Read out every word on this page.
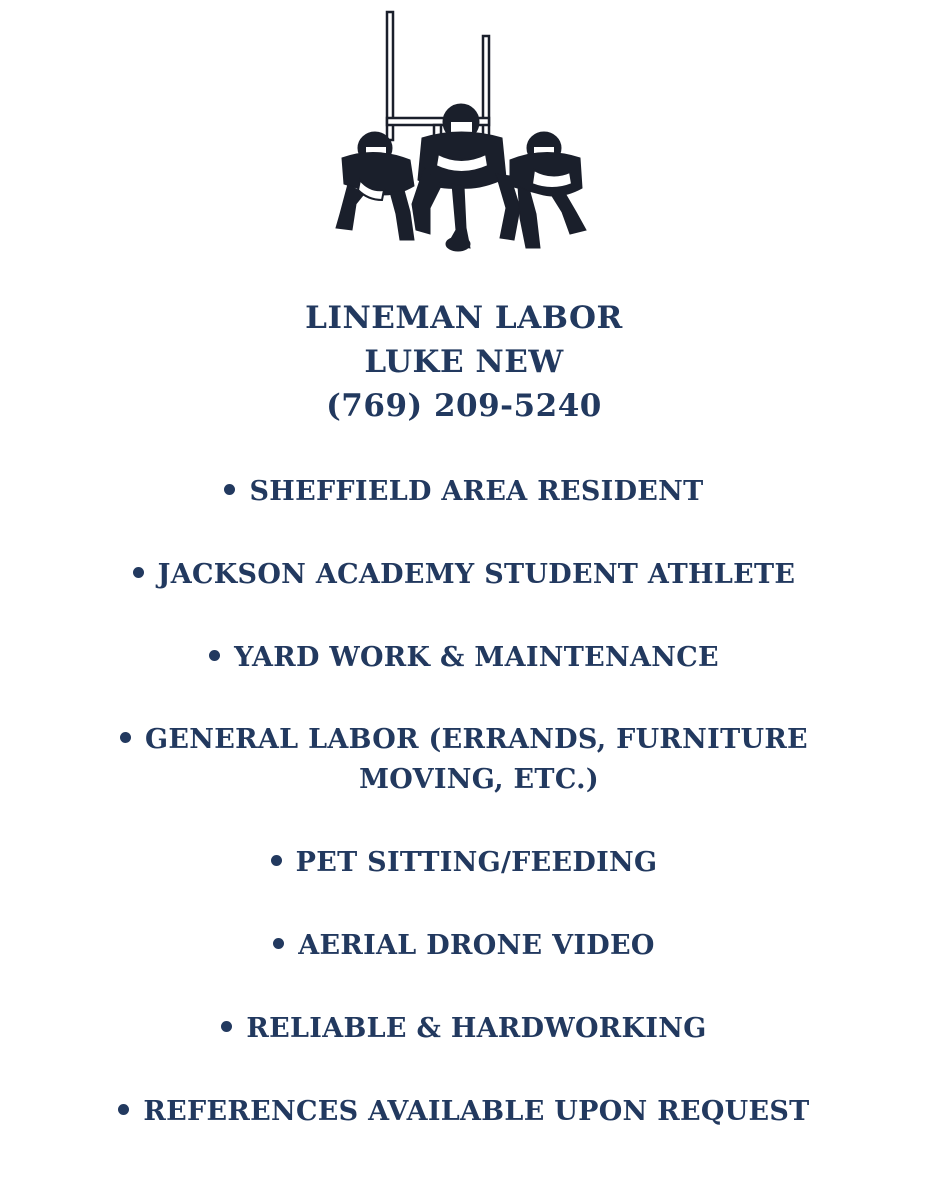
LINEMAN LABOR
LUKE NEW
(769) 209-5240
SHEFFIELD AREA RESIDENT
JACKSON ACADEMY STUDENT ATHLETE
YARD WORK & MAINTENANCE
GENERAL LABOR (ERRANDS, FURNITURE
MOVING, ETC.)
PET SITTING/FEEDING
AERIAL DRONE VIDEO
RELIABLE & HARDWORKING
REFERENCES AVAILABLE UPON REQUEST
